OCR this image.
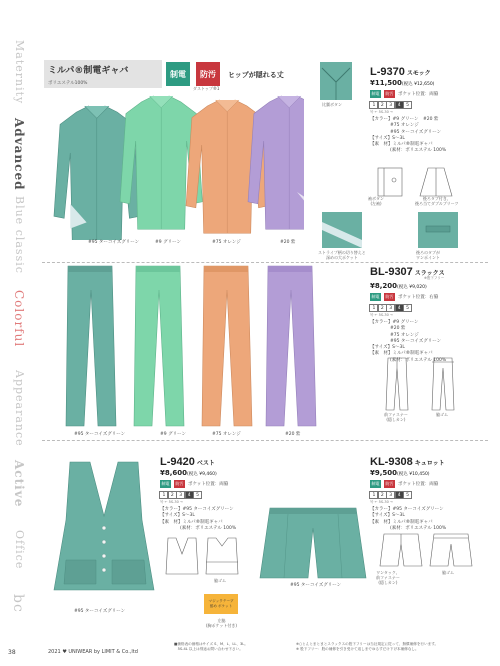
Maternity
Advanced
Blue classic
Colorful
Appearance
Active
Office
bc
ミルパ®制電ギャバ
ポリエステル100%
制電	防汚
ダストップ®1
ヒップが隠れる丈
#95 ターコイズグリーン	#9 グリーン	#75 オレンジ	#20 紫
比翼ボタン
L-9370 スモック
¥11,500(税込 ¥12,650)
制電	防汚	ポケット位置：両脇
1	2	3	4	5
号 ← 5S-30 →
【カラー】#9 グリーン　#20 紫
#75 オレンジ
#95 ターコイズグリーン
【サイズ】S～3L
【素　材】ミルパ®制電ギャバ
(素材：ポリエステル 100%
袖ボタン
(左袖)
後ろタブ付き、
後ろ当てダブルブリーツ
ストライプ柄の切り替えと
深めの大ポケット
後ろのタブが
ワンポイント
#95 ターコイズグリーン	#9 グリーン	#75 オレンジ	#20 紫
BL-9307 スラックス
※股下フリー
¥8,200(税込 ¥9,020)
制電	防汚	ポケット位置：右脇
1	2	3	4	5
号 ← 5S-30 →
【カラー】#9 グリーン
#20 紫
#75 オレンジ
#95 ターコイズグリーン
【サイズ】S～3L
【素　材】ミルパ®制電ギャバ
(素材：ポリエステル 100%
前ファスナー
(隠しカン)
脇ゴム
#95 ターコイズグリーン
L-9420 ベスト
¥8,600(税込 ¥9,460)
制電	防汚	ポケット位置：両脇
1	2	3	4	5
号 ← 5S-30 →
【カラー】#95 ターコイズグリーン
【サイズ】S～3L
【素　材】ミルパ®制電ギャバ
(素材：ポリエステル 100%
脇ゴム
マジックテープ
留め ポケット
左脇
(胸ポケット付き)
#95 ターコイズグリーン
KL-9308 キュロット
¥9,500(税込 ¥10,450)
制電	防汚	ポケット位置：両脇
1	2	3	4	5
号 ← 5S-30 →
【カラー】#95 ターコイズグリーン
【サイズ】S～3L
【素　材】ミルパ®制電ギャバ
(素材：ポリエステル 100%
ワンタック、
前ファスナー
(隠しカン)
脇ゴム
38	2021 ♥ UNIWEAR by LIMIT & Co.,ltd
■価格表の価格はサイズ S、M、L、LL、3L。
　5S-4L 以上は別途お問い合わせ下さい。
※○とんとまとまとスラックスの股下フリーは当社規定に従って、無償補修を行います。
※ 股下フリー：股の補修を引き受けて返しまでゆるすだけ下げ本補修なし。
